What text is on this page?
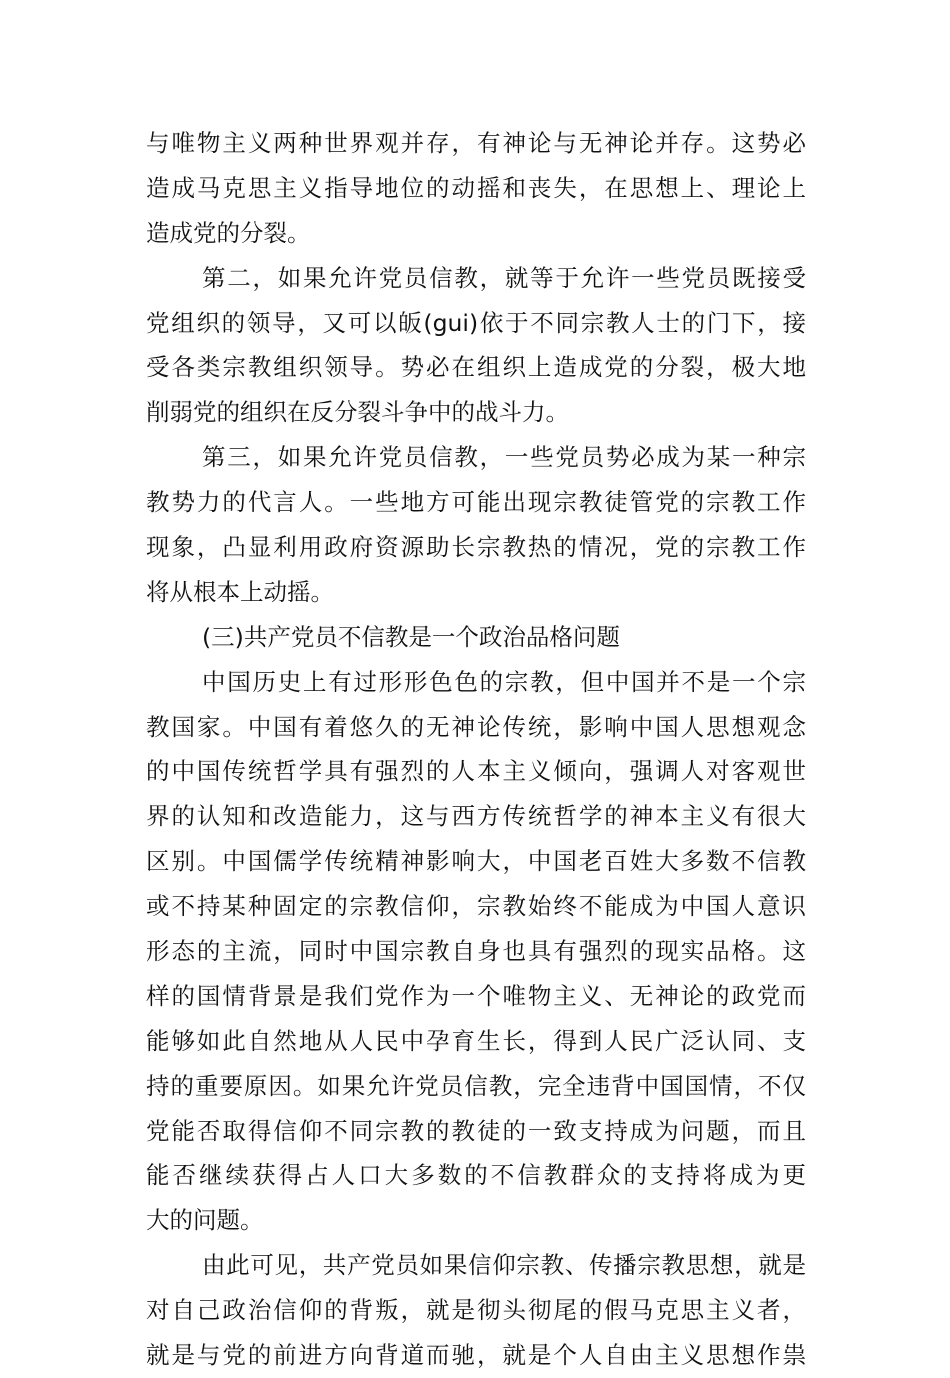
与唯物主义两种世界观并存，有神论与无神论并存。这势必
造成马克思主义指导地位的动摇和丧失，在思想上、理论上
造成党的分裂。
第二，如果允许党员信教，就等于允许一些党员既接受
党组织的领导，又可以皈(gui)依于不同宗教人士的门下，接
受各类宗教组织领导。势必在组织上造成党的分裂，极大地
削弱党的组织在反分裂斗争中的战斗力。
第三，如果允许党员信教，一些党员势必成为某一种宗
教势力的代言人。一些地方可能出现宗教徒管党的宗教工作
现象，凸显利用政府资源助长宗教热的情况，党的宗教工作
将从根本上动摇。
(三)共产党员不信教是一个政治品格问题
中国历史上有过形形色色的宗教，但中国并不是一个宗
教国家。中国有着悠久的无神论传统，影响中国人思想观念
的中国传统哲学具有强烈的人本主义倾向，强调人对客观世
界的认知和改造能力，这与西方传统哲学的神本主义有很大
区别。中国儒学传统精神影响大，中国老百姓大多数不信教
或不持某种固定的宗教信仰，宗教始终不能成为中国人意识
形态的主流，同时中国宗教自身也具有强烈的现实品格。这
样的国情背景是我们党作为一个唯物主义、无神论的政党而
能够如此自然地从人民中孕育生长，得到人民广泛认同、支
持的重要原因。如果允许党员信教，完全违背中国国情，不仅
党能否取得信仰不同宗教的教徒的一致支持成为问题，而且
能否继续获得占人口大多数的不信教群众的支持将成为更
大的问题。
由此可见，共产党员如果信仰宗教、传播宗教思想，就是
对自己政治信仰的背叛，就是彻头彻尾的假马克思主义者，
就是与党的前进方向背道而驰，就是个人自由主义思想作祟
